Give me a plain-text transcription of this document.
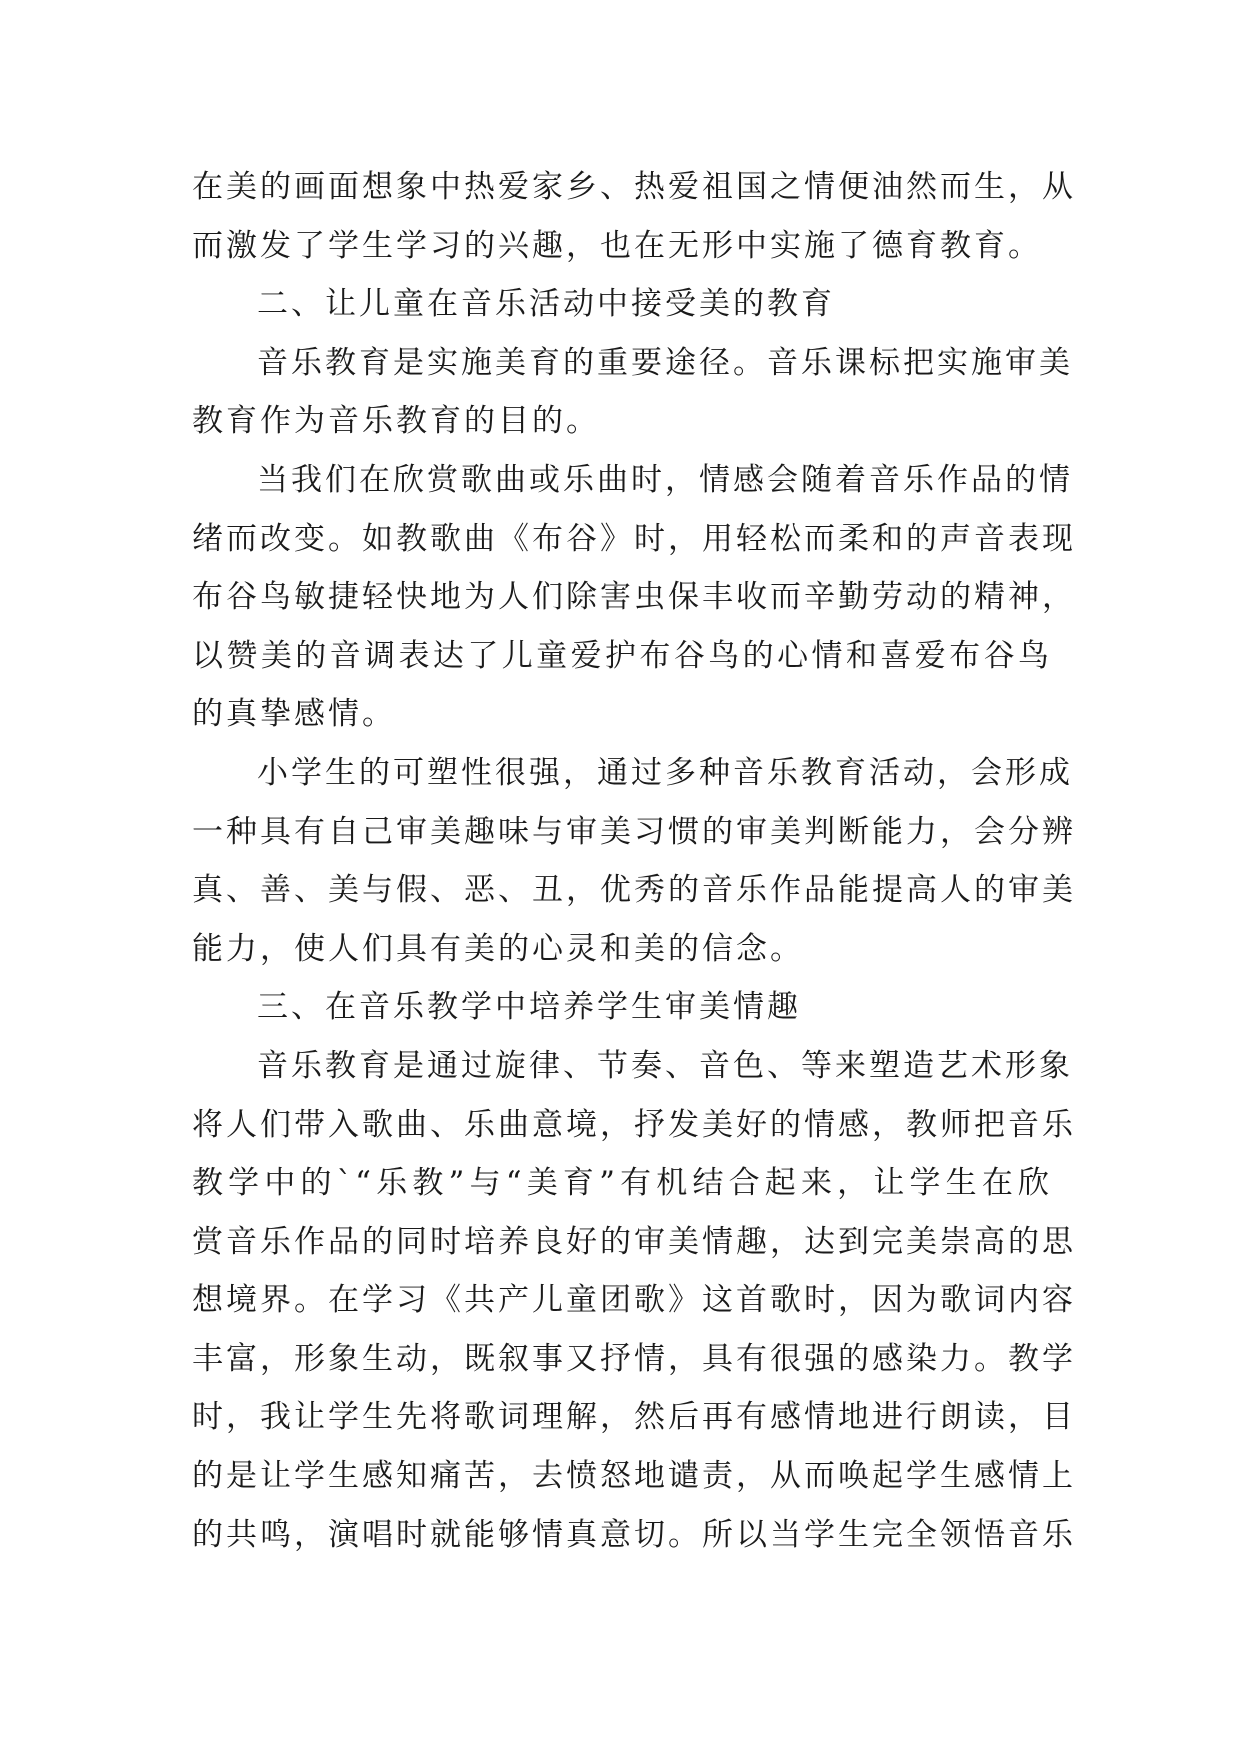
在美的画面想象中热爱家乡、热爱祖国之情便油然而生，从
而激发了学生学习的兴趣，也在无形中实施了德育教育。
二、让儿童在音乐活动中接受美的教育
音乐教育是实施美育的重要途径。音乐课标把实施审美
教育作为音乐教育的目的。
当我们在欣赏歌曲或乐曲时，情感会随着音乐作品的情
绪而改变。如教歌曲《布谷》时，用轻松而柔和的声音表现
布谷鸟敏捷轻快地为人们除害虫保丰收而辛勤劳动的精神，
以赞美的音调表达了儿童爱护布谷鸟的心情和喜爱布谷鸟
的真挚感情。
小学生的可塑性很强，通过多种音乐教育活动，会形成
一种具有自己审美趣味与审美习惯的审美判断能力，会分辨
真、善、美与假、恶、丑，优秀的音乐作品能提高人的审美
能力，使人们具有美的心灵和美的信念。
三、在音乐教学中培养学生审美情趣
音乐教育是通过旋律、节奏、音色、等来塑造艺术形象
将人们带入歌曲、乐曲意境，抒发美好的情感，教师把音乐
教学中的`“乐教”与“美育”有机结合起来，让学生在欣
赏音乐作品的同时培养良好的审美情趣，达到完美崇高的思
想境界。在学习《共产儿童团歌》这首歌时，因为歌词内容
丰富，形象生动，既叙事又抒情，具有很强的感染力。教学
时，我让学生先将歌词理解，然后再有感情地进行朗读，目
的是让学生感知痛苦，去愤怒地谴责，从而唤起学生感情上
的共鸣，演唱时就能够情真意切。所以当学生完全领悟音乐
